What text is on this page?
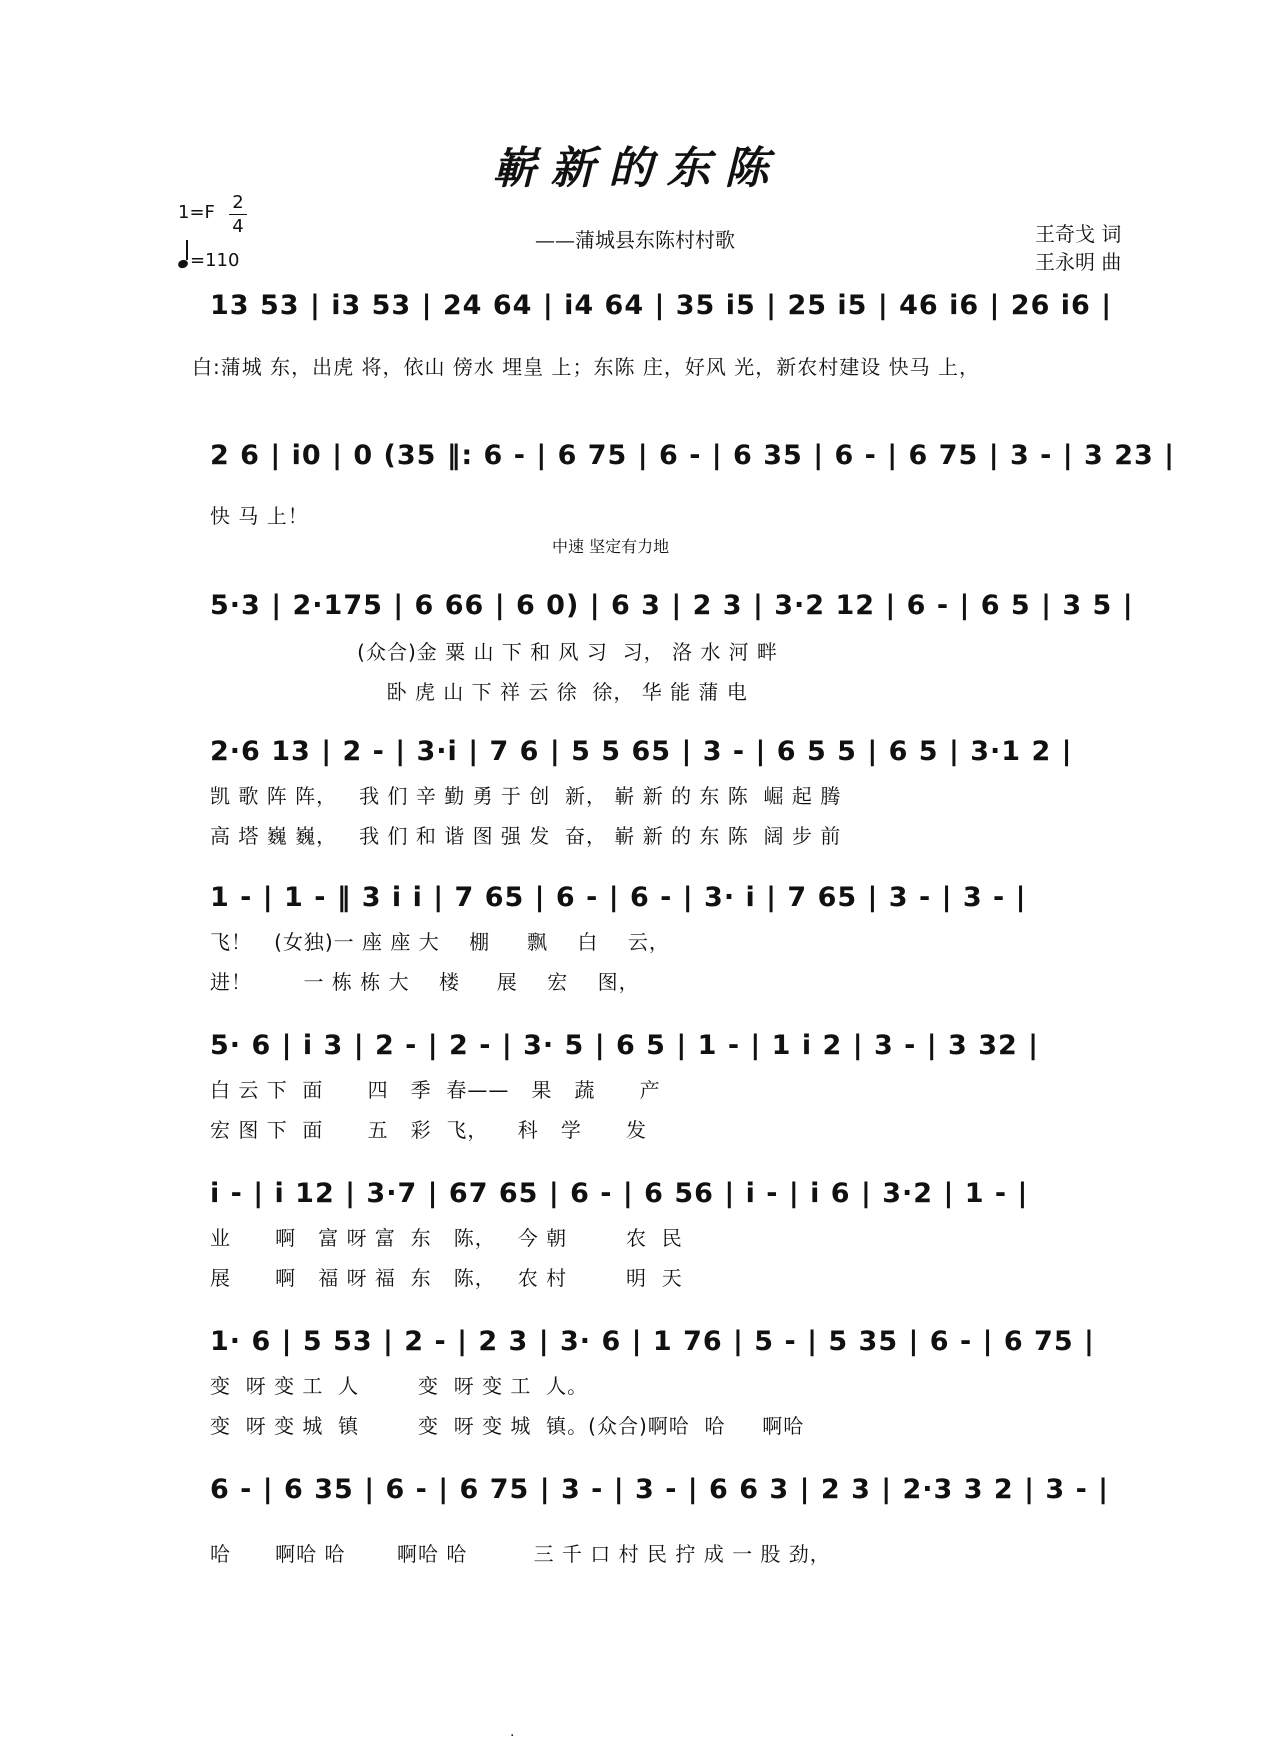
嶄新的东陈
1=F 2
4
=110
——蒲城县东陈村村歌	王奇戈 词
王永明 曲
13 53 | i3 53 | 24 64 | i4 64 | 35 i5 | 25 i5 | 46 i6 | 26 i6 |
白:蒲城 东，出虎 将，依山 傍水 埋皇 上；东陈 庄，好风 光，新农村建设 快马 上，
2 6 | i0 | 0 (35 ‖: 6 - | 6 75 | 6 - | 6 35 | 6 - | 6 75 | 3 - | 3 23 |
快 马 上！
中速 坚定有力地
5·3 | 2·175 | 6 66 | 6 0) | 6 3 | 2 3 | 3·2 12 | 6 - | 6 5 | 3 5 |
(众合)金 粟 山 下 和 风 习  习， 洛 水 河 畔
卧 虎 山 下 祥 云 徐  徐， 华 能 蒲 电
2·6 13 | 2 - | 3·i | 7 6 | 5 5 65 | 3 - | 6 5 5 | 6 5 | 3·1 2 |
凯 歌 阵 阵，   我 们 辛 勤 勇 于 创  新， 嶄 新 的 东 陈  崛 起 腾
高 塔 巍 巍，   我 们 和 谐 图 强 发  奋， 嶄 新 的 东 陈  阔 步 前
1 - | 1 - ‖ 3 i i | 7 65 | 6 - | 6 - | 3· i | 7 65 | 3 - | 3 - |
飞！   (女独)一 座 座 大    棚     飘    白    云，
进！       一 栋 栋 大    楼     展    宏    图，
5· 6 | i 3 | 2 - | 2 - | 3· 5 | 6 5 | 1 - | 1 i 2 | 3 - | 3 32 |
白 云 下  面      四   季  春——   果   蔬      产
宏 图 下  面      五   彩  飞，    科   学      发
i - | i 12 | 3·7 | 67 65 | 6 - | 6 56 | i - | i 6 | 3·2 | 1 - |
业      啊   富 呀 富  东   陈，   今 朝        农  民
展      啊   福 呀 福  东   陈，   农 村        明  天
1· 6 | 5 53 | 2 - | 2 3 | 3· 6 | 1 76 | 5 - | 5 35 | 6 - | 6 75 |
变  呀 变 工  人        变  呀 变 工  人。
变  呀 变 城  镇        变  呀 变 城  镇。(众合)啊哈  哈     啊哈
6 - | 6 35 | 6 - | 6 75 | 3 - | 3 - | 6 6 3 | 2 3 | 2·3 3 2 | 3 - |
哈      啊哈 哈       啊哈 哈         三 千 口 村 民 拧 成 一 股 劲，
·
